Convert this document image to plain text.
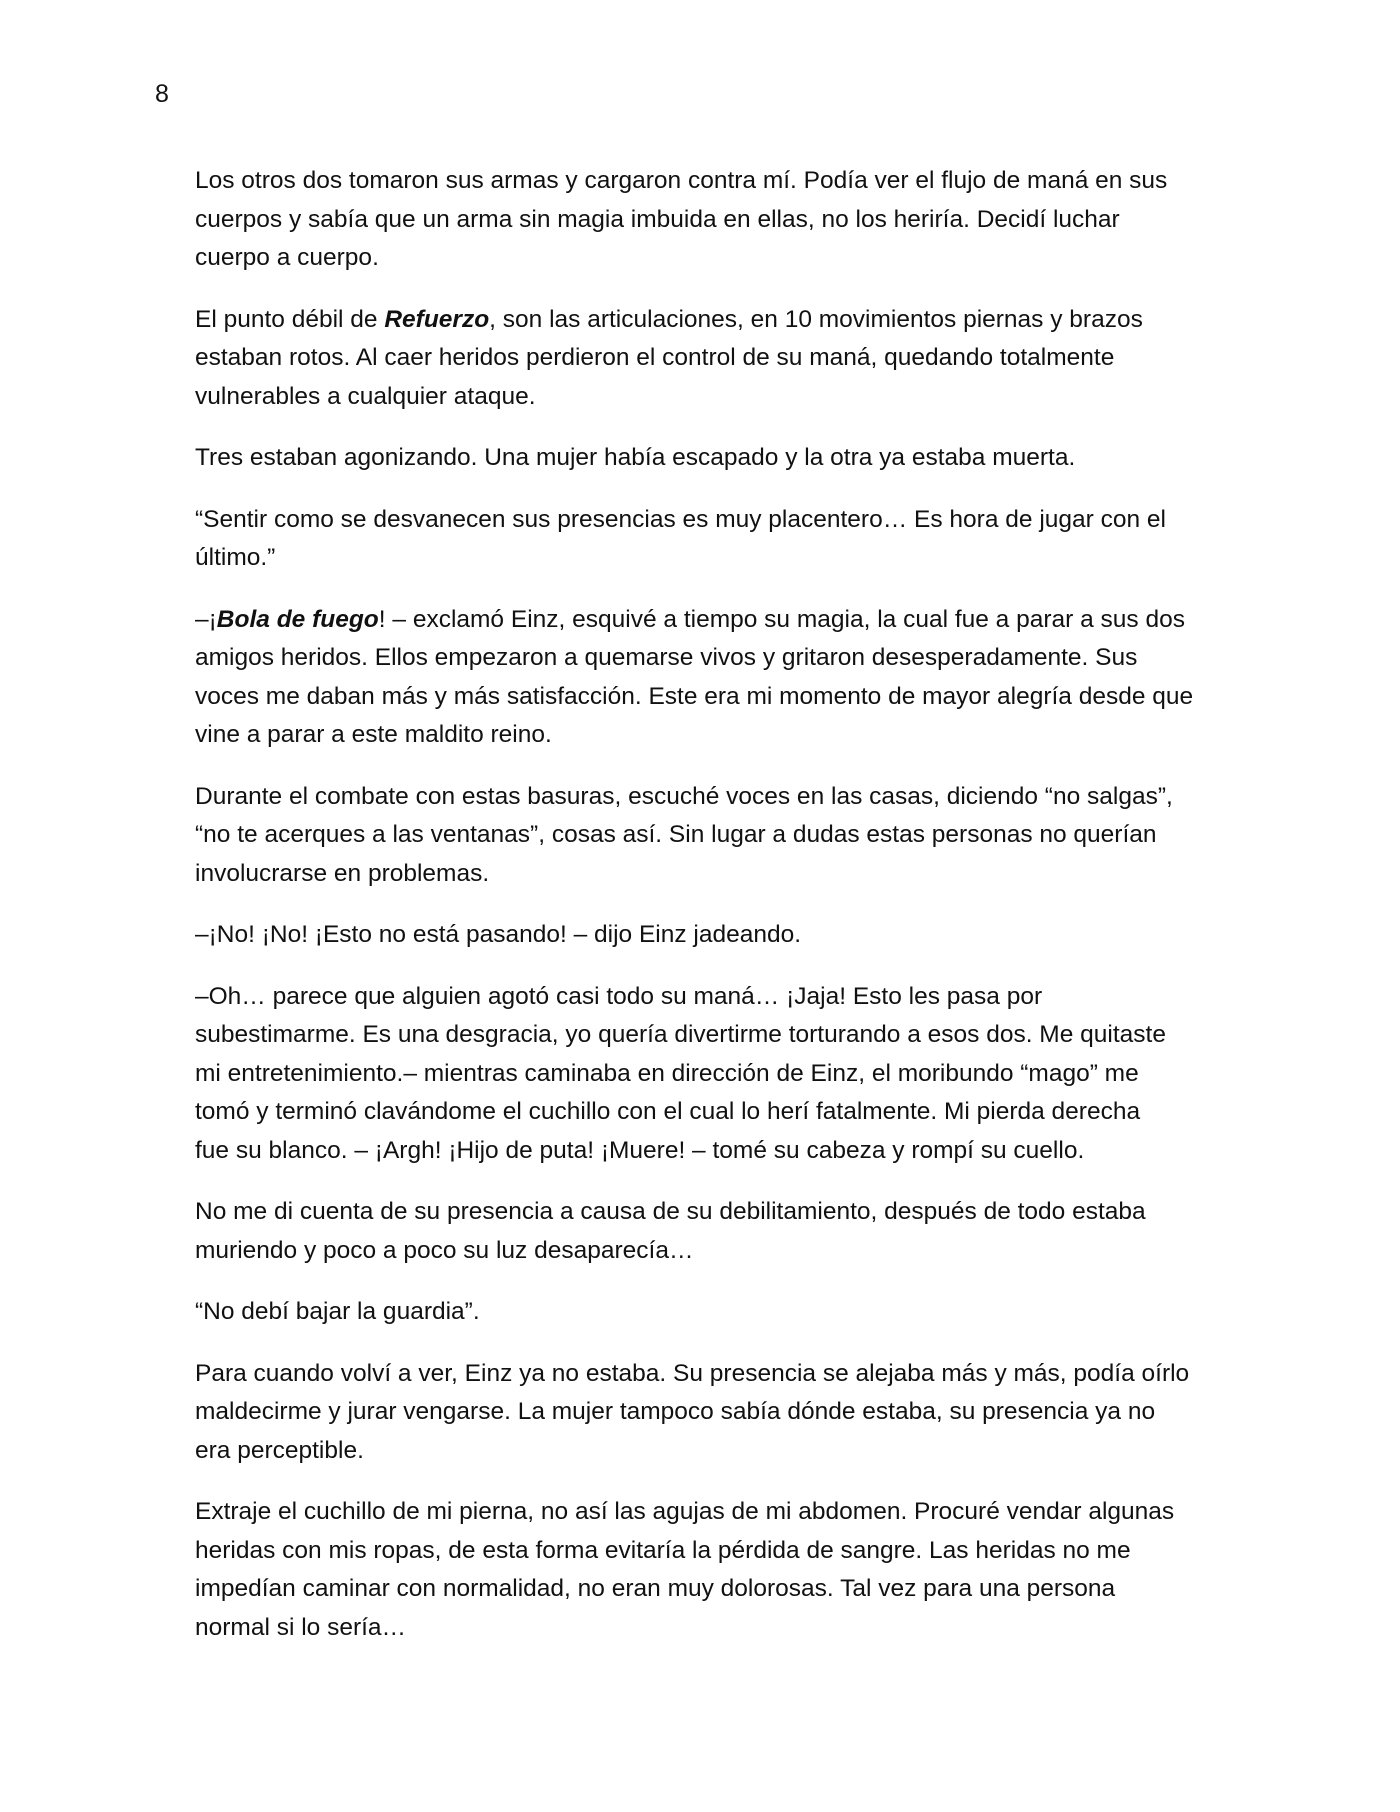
8

Los otros dos tomaron sus armas y cargaron contra mí. Podía ver el flujo de maná en sus
cuerpos y sabía que un arma sin magia imbuida en ellas, no los heriría. Decidí luchar
cuerpo a cuerpo.

El punto débil de Refuerzo, son las articulaciones, en 10 movimientos piernas y brazos
estaban rotos. Al caer heridos perdieron el control de su maná, quedando totalmente
vulnerables a cualquier ataque.

Tres estaban agonizando. Una mujer había escapado y la otra ya estaba muerta.

“Sentir como se desvanecen sus presencias es muy placentero… Es hora de jugar con el
último.”

–¡Bola de fuego! – exclamó Einz, esquivé a tiempo su magia, la cual fue a parar a sus dos
amigos heridos. Ellos empezaron a quemarse vivos y gritaron desesperadamente. Sus
voces me daban más y más satisfacción. Este era mi momento de mayor alegría desde que
vine a parar a este maldito reino.

Durante el combate con estas basuras, escuché voces en las casas, diciendo “no salgas”,
“no te acerques a las ventanas”, cosas así. Sin lugar a dudas estas personas no querían
involucrarse en problemas.

–¡No! ¡No! ¡Esto no está pasando! – dijo Einz jadeando.

–Oh… parece que alguien agotó casi todo su maná… ¡Jaja! Esto les pasa por
subestimarme. Es una desgracia, yo quería divertirme torturando a esos dos. Me quitaste
mi entretenimiento.– mientras caminaba en dirección de Einz, el moribundo “mago” me
tomó y terminó clavándome el cuchillo con el cual lo herí fatalmente. Mi pierda derecha
fue su blanco. – ¡Argh! ¡Hijo de puta! ¡Muere! – tomé su cabeza y rompí su cuello.

No me di cuenta de su presencia a causa de su debilitamiento, después de todo estaba
muriendo y poco a poco su luz desaparecía…

“No debí bajar la guardia”.

Para cuando volví a ver, Einz ya no estaba. Su presencia se alejaba más y más, podía oírlo
maldecirme y jurar vengarse. La mujer tampoco sabía dónde estaba, su presencia ya no
era perceptible.

Extraje el cuchillo de mi pierna, no así las agujas de mi abdomen. Procuré vendar algunas
heridas con mis ropas, de esta forma evitaría la pérdida de sangre. Las heridas no me
impedían caminar con normalidad, no eran muy dolorosas. Tal vez para una persona
normal si lo sería…
